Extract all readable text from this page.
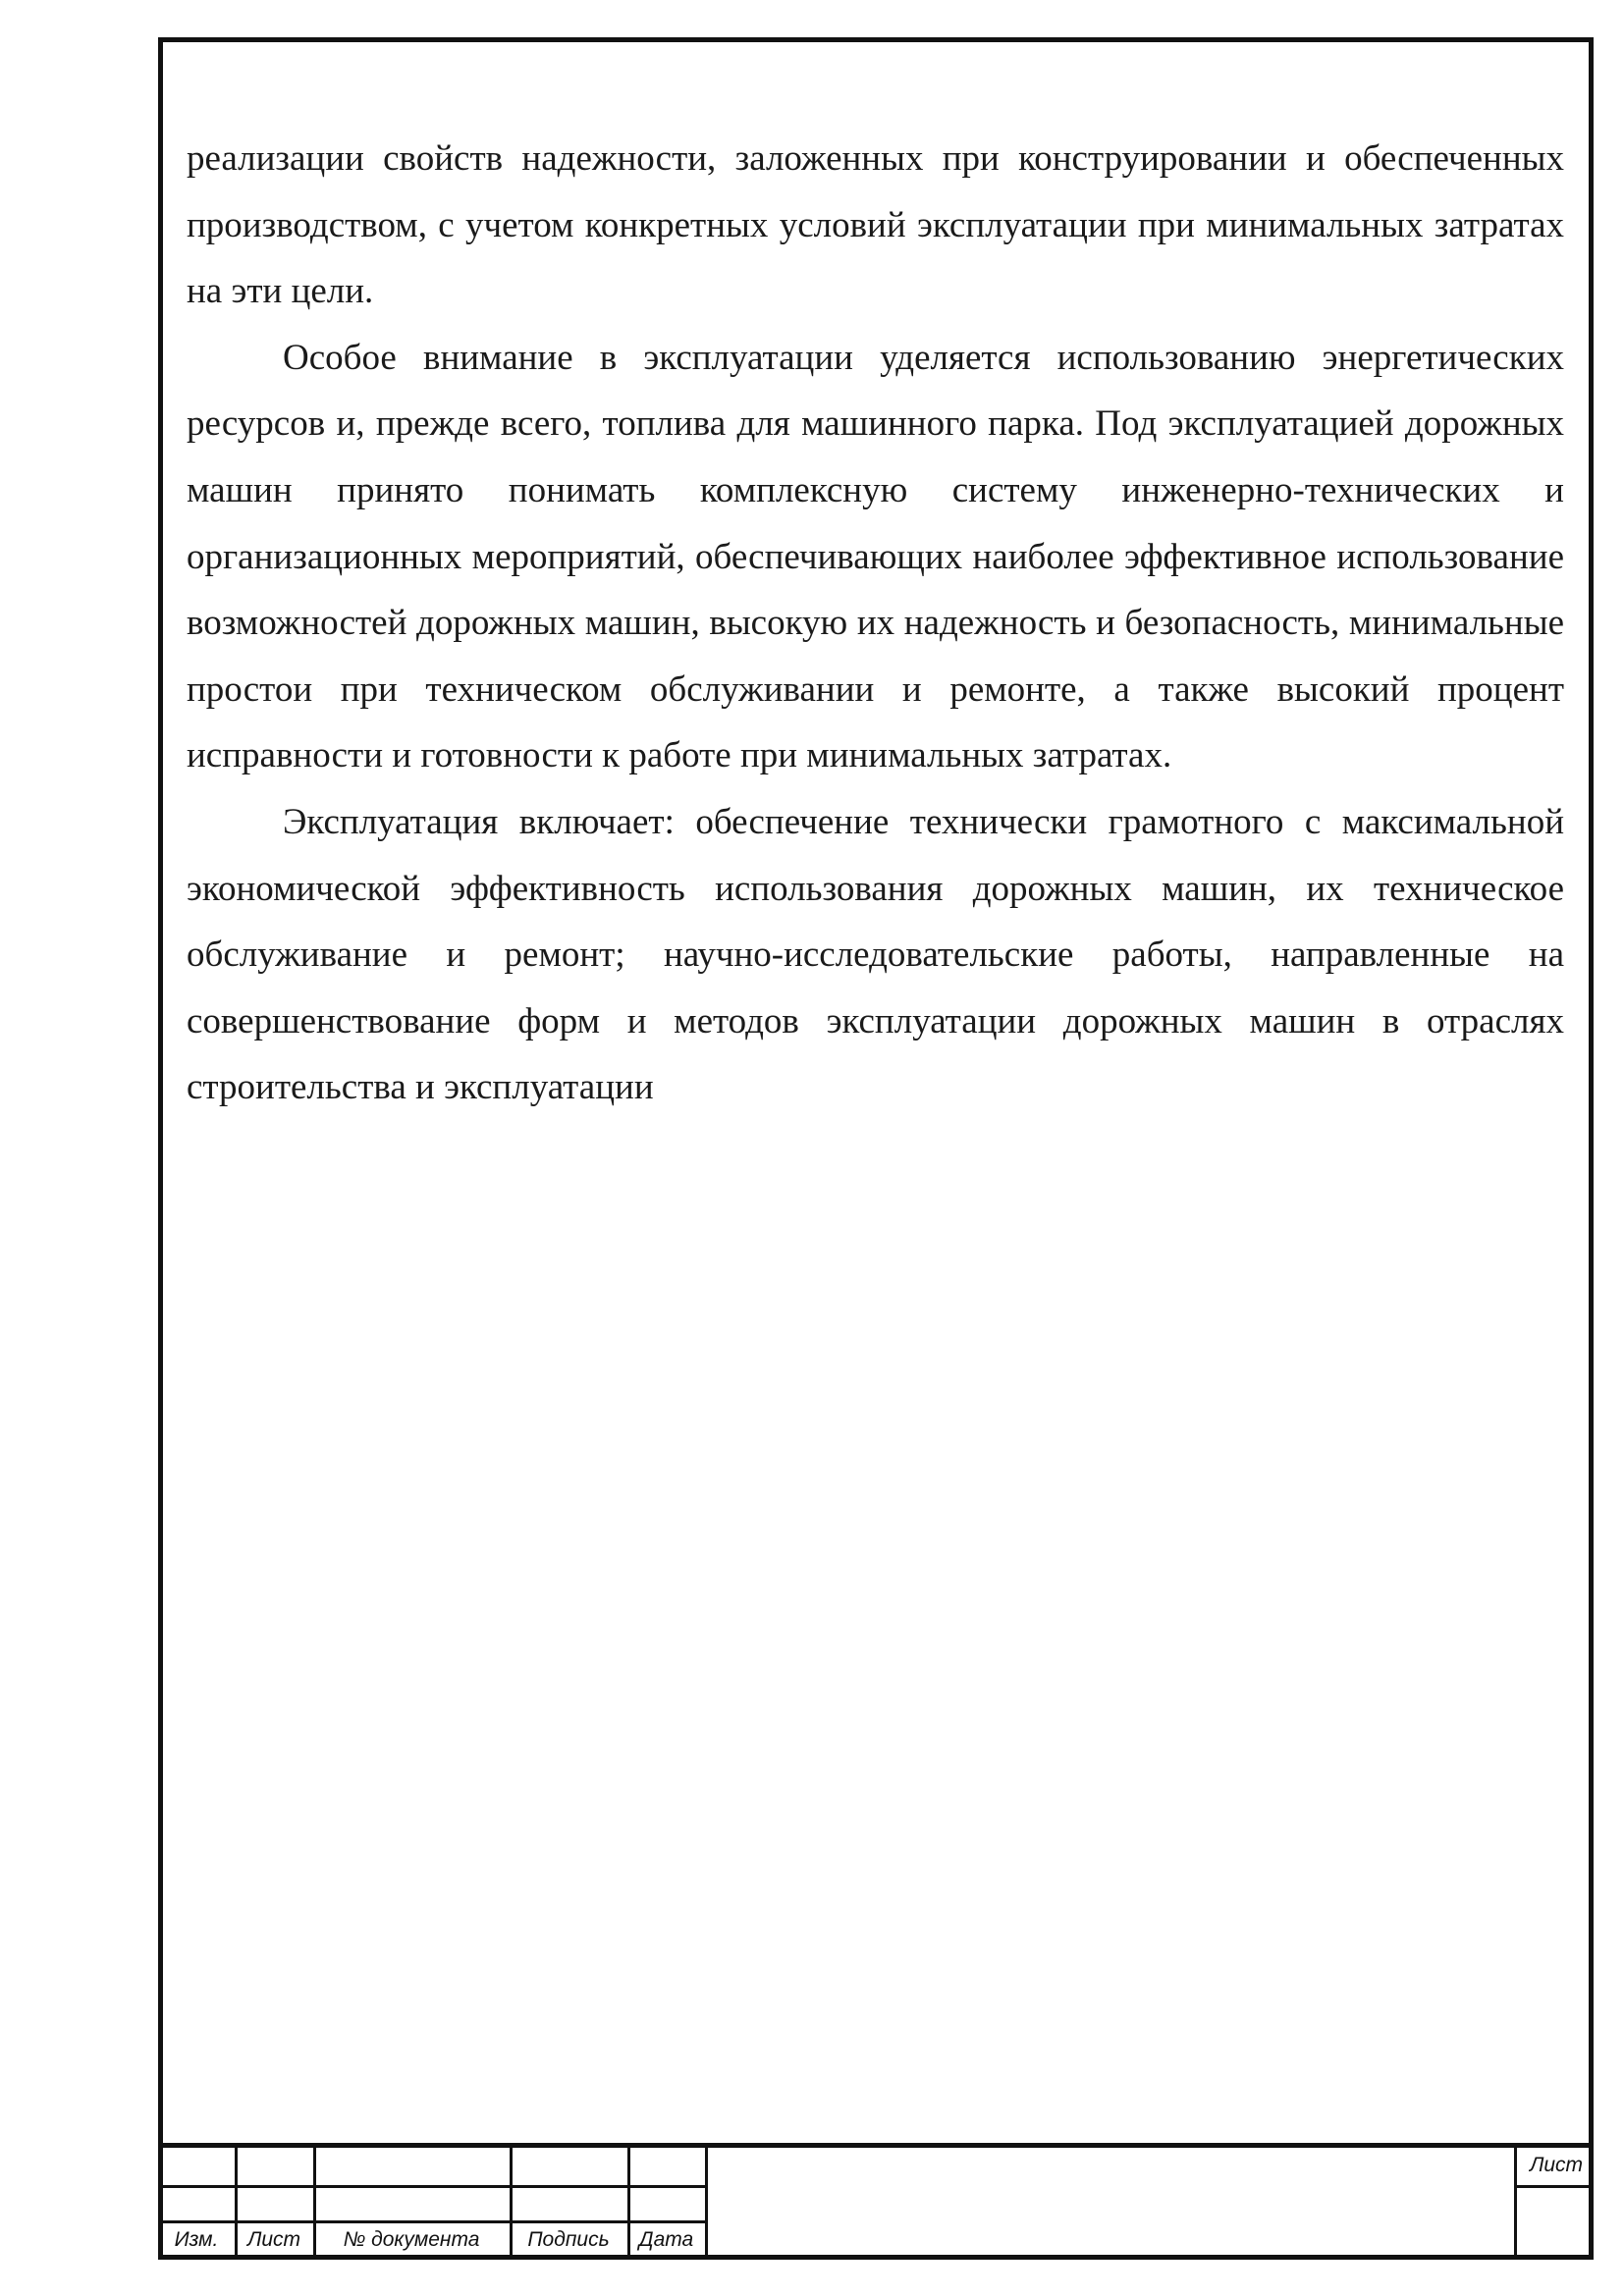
реализации свойств надежности, заложенных при конструировании и обеспеченных производством, с учетом конкретных условий эксплуатации при минимальных затратах на эти цели.

Особое внимание в эксплуатации уделяется использованию энергетических ресурсов и, прежде всего, топлива для машинного парка. Под эксплуатацией дорожных машин принято понимать комплексную систему инженерно-технических и организационных мероприятий, обеспечивающих наиболее эффективное использование возможностей дорожных машин, высокую их надежность и безопасность, минимальные простои при техническом обслуживании и ремонте, а также высокий процент исправности и готовности к работе при минимальных затратах.

Эксплуатация включает: обеспечение технически грамотного с максимальной экономической эффективность использования дорожных машин, их техническое обслуживание и ремонт; научно-исследовательские работы, направленные на совершенствование форм и методов эксплуатации дорожных машин в отраслях строительства и эксплуатации

Изм.	Лист	№ документа	Подпись	Дата
Лист
